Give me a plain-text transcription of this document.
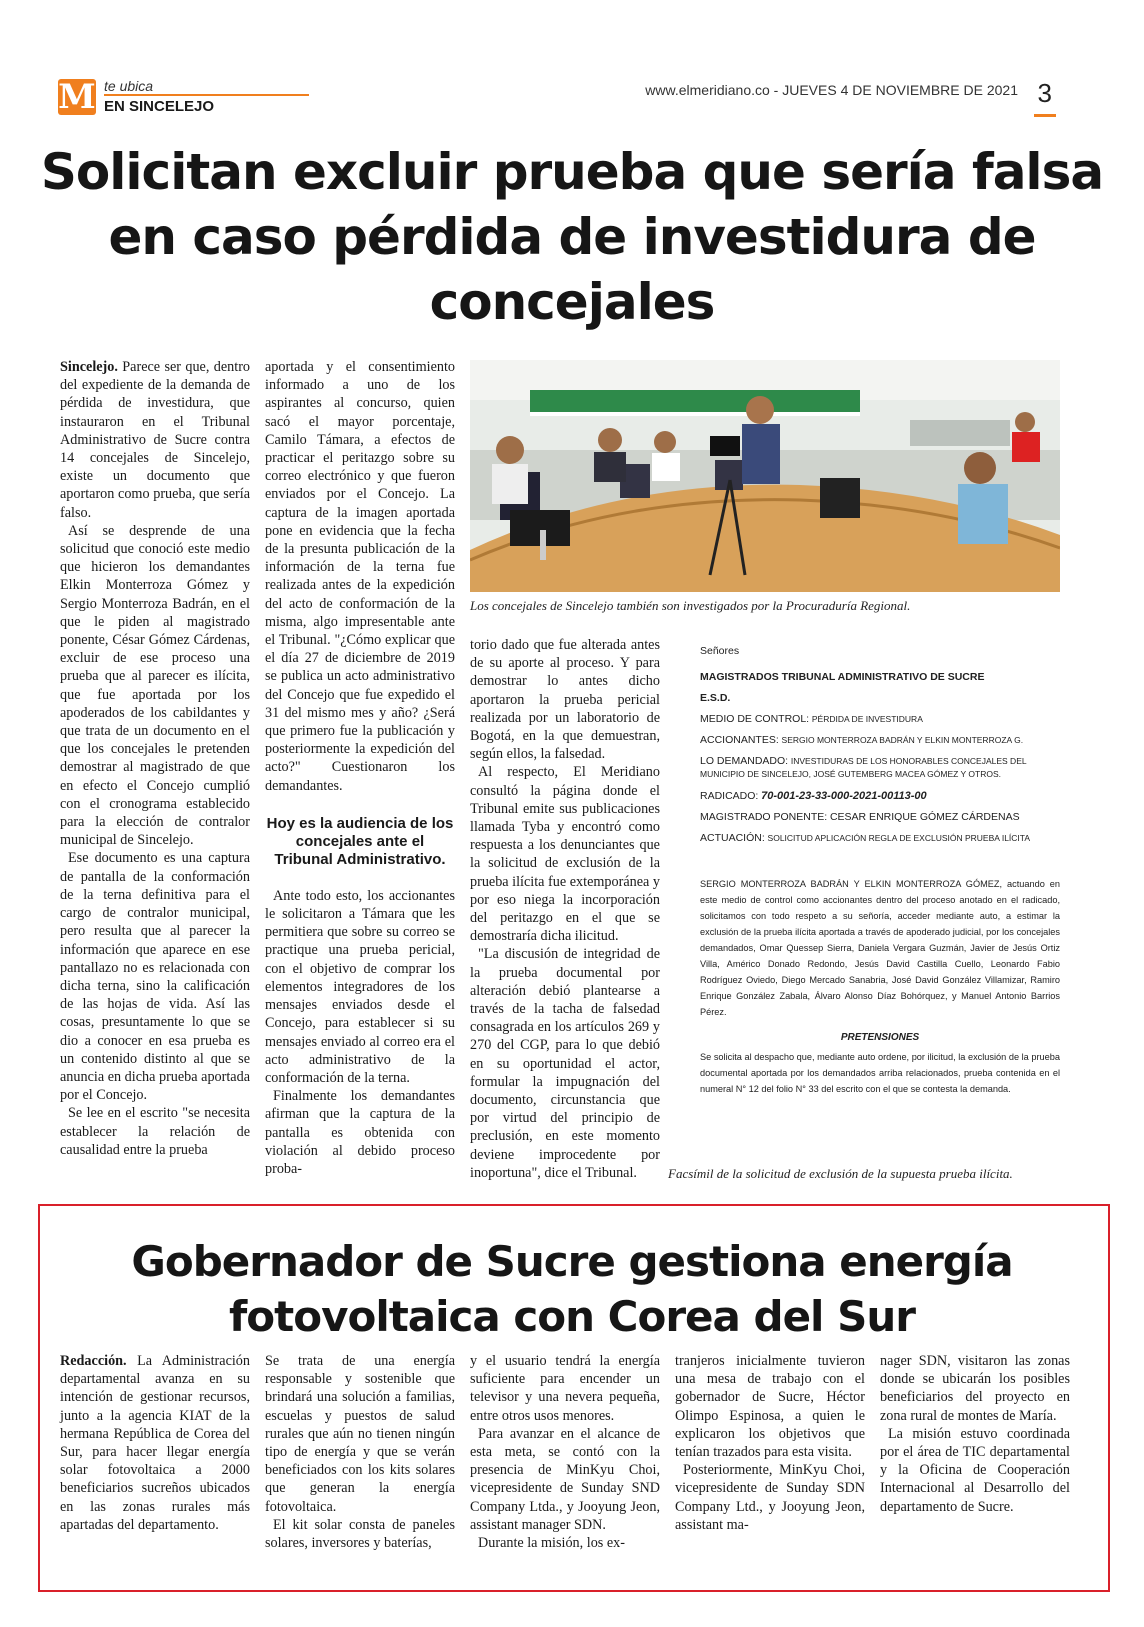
M te ubica
EN SINCELEJO
www.elmeridiano.co - JUEVES 4 DE NOVIEMBRE DE 2021 3
Solicitan excluir prueba que sería falsa en caso pérdida de investidura de concejales

Sincelejo. Parece ser que, dentro del expediente de la demanda de pérdida de investidura, que instauraron en el Tribunal Administrativo de Sucre contra 14 concejales de Sincelejo, existe un documento que aportaron como prueba, que sería falso.

Así se desprende de una solicitud que conoció este medio que hicieron los demandantes Elkin Monterroza Gómez y Sergio Monterroza Badrán, en el que le piden al magistrado ponente, César Gómez Cárdenas, excluir de ese proceso una prueba que al parecer es ilícita, que fue aportada por los apoderados de los cabildantes y que trata de un documento en el que los concejales le pretenden demostrar al magistrado de que en efecto el Concejo cumplió con el cronograma establecido para la elección de contralor municipal de Sincelejo.

Ese documento es una captura de pantalla de la conformación de la terna definitiva para el cargo de contralor municipal, pero resulta que al parecer la información que aparece en ese pantallazo no es relacionada con dicha terna, sino la calificación de las hojas de vida. Así las cosas, presuntamente lo que se dio a conocer en esa prueba es un contenido distinto al que se anuncia en dicha prueba aportada por el Concejo.

Se lee en el escrito "se necesita establecer la relación de causalidad entre la prueba

aportada y el consentimiento informado a uno de los aspirantes al concurso, quien sacó el mayor porcentaje, Camilo Támara, a efectos de practicar el peritazgo sobre su correo electrónico y que fueron enviados por el Concejo. La captura de la imagen aportada pone en evidencia que la fecha de la presunta publicación de la información de la terna fue realizada antes de la expedición del acto de conformación de la misma, algo impresentable ante el Tribunal. "¿Cómo explicar que el día 27 de diciembre de 2019 se publica un acto administrativo del Concejo que fue expedido el 31 del mismo mes y año? ¿Será que primero fue la publicación y posteriormente la expedición del acto?" Cuestionaron los demandantes.

Hoy es la audiencia de los concejales ante el Tribunal Administrativo.

Ante todo esto, los accionantes le solicitaron a Támara que les permitiera que sobre su correo se practique una prueba pericial, con el objetivo de comprar los elementos integradores de los mensajes enviados desde el Concejo, para establecer si su mensajes enviado al correo era el acto administrativo de la conformación de la terna.

Finalmente los demandantes afirman que la captura de la pantalla es obtenida con violación al debido proceso proba-

Los concejales de Sincelejo también son investigados por la Procuraduría Regional.

torio dado que fue alterada antes de su aporte al proceso. Y para demostrar lo antes dicho aportaron la prueba pericial realizada por un laboratorio de Bogotá, en la que demuestran, según ellos, la falsedad.

Al respecto, El Meridiano consultó la página donde el Tribunal emite sus publicaciones llamada Tyba y encontró como respuesta a los denunciantes que la solicitud de exclusión de la prueba ilícita fue extemporánea y por eso niega la incorporación del peritazgo en el que se demostraría dicha ilicitud.

"La discusión de integridad de la prueba documental por alteración debió plantearse a través de la tacha de falsedad consagrada en los artículos 269 y 270 del CGP, para lo que debió en su oportunidad el actor, formular la impugnación del documento, circunstancia que por virtud del principio de preclusión, en este momento deviene improcedente por inoportuna", dice el Tribunal.

Señores
MAGISTRADOS TRIBUNAL ADMINISTRATIVO DE SUCRE
E.S.D.
MEDIO DE CONTROL: PÉRDIDA DE INVESTIDURA
ACCIONANTES: SERGIO MONTERROZA BADRÁN Y ELKIN MONTERROZA G.
LO DEMANDADO: INVESTIDURAS DE LOS HONORABLES CONCEJALES DEL MUNICIPIO DE SINCELEJO, JOSÉ GUTEMBERG MACEA GÓMEZ Y OTROS.
RADICADO: 70-001-23-33-000-2021-00113-00
MAGISTRADO PONENTE: CESAR ENRIQUE GÓMEZ CÁRDENAS
ACTUACIÓN: SOLICITUD APLICACIÓN REGLA DE EXCLUSIÓN PRUEBA ILÍCITA
SERGIO MONTERROZA BADRÁN Y ELKIN MONTERROZA GÓMEZ, actuando en este medio de control como accionantes dentro del proceso anotado en el radicado, solicitamos con todo respeto a su señoría, acceder mediante auto, a estimar la exclusión de la prueba ilícita aportada a través de apoderado judicial, por los concejales demandados, Omar Quessep Sierra, Daniela Vergara Guzmán, Javier de Jesús Ortiz Villa, Américo Donado Redondo, Jesús David Castilla Cuello, Leonardo Fabio Rodríguez Oviedo, Diego Mercado Sanabria, José David González Villamizar, Ramiro Enrique González Zabala, Álvaro Alonso Díaz Bohórquez, y Manuel Antonio Barrios Pérez.
PRETENSIONES
Se solicita al despacho que, mediante auto ordene, por ilicitud, la exclusión de la prueba documental aportada por los demandados arriba relacionados, prueba contenida en el numeral N° 12 del folio N° 33 del escrito con el que se contesta la demanda.
Facsímil de la solicitud de exclusión de la supuesta prueba ilícita.
Gobernador de Sucre gestiona energía fotovoltaica con Corea del Sur

Redacción. La Administración departamental avanza en su intención de gestionar recursos, junto a la agencia KIAT de la hermana República de Corea del Sur, para hacer llegar energía solar fotovoltaica a 2000 beneficiarios sucreños ubicados en las zonas rurales más apartadas del departamento.

Se trata de una energía responsable y sostenible que brindará una solución a familias, escuelas y puestos de salud rurales que aún no tienen ningún tipo de energía y que se verán beneficiados con los kits solares que generan la energía fotovoltaica.

El kit solar consta de paneles solares, inversores y baterías,

y el usuario tendrá la energía suficiente para encender un televisor y una nevera pequeña, entre otros usos menores.

Para avanzar en el alcance de esta meta, se contó con la presencia de MinKyu Choi, vicepresidente de Sunday SND Company Ltda., y Jooyung Jeon, assistant manager SDN.

Durante la misión, los ex-

tranjeros inicialmente tuvieron una mesa de trabajo con el gobernador de Sucre, Héctor Olimpo Espinosa, a quien le explicaron los objetivos que tenían trazados para esta visita.

Posteriormente, MinKyu Choi, vicepresidente de Sunday SDN Company Ltd., y Jooyung Jeon, assistant ma-

nager SDN, visitaron las zonas donde se ubicarán los posibles beneficiarios del proyecto en zona rural de montes de María.

La misión estuvo coordinada por el área de TIC departamental y la Oficina de Cooperación Internacional al Desarrollo del departamento de Sucre.
